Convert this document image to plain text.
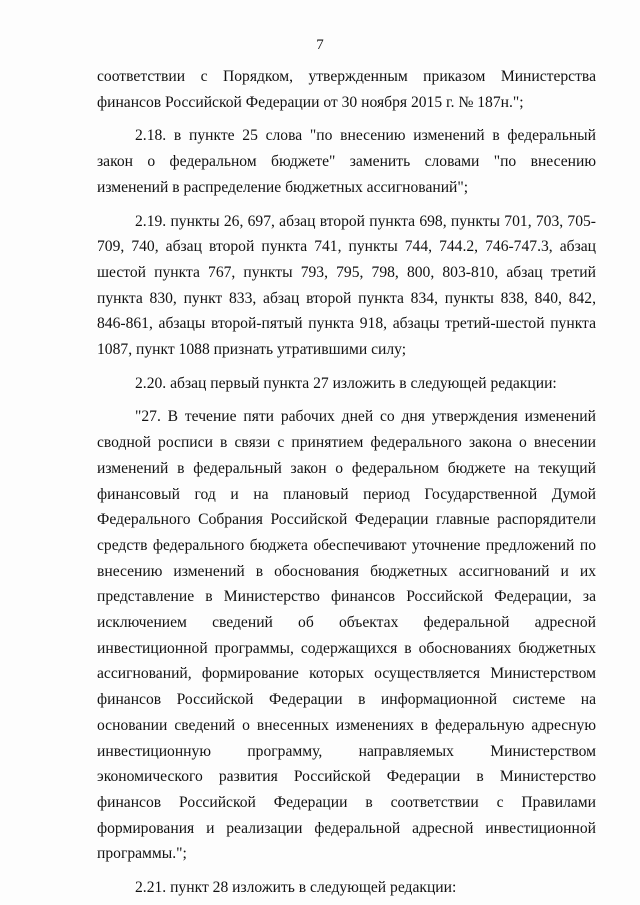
7

соответствии с Порядком, утвержденным приказом Министерства финансов Российской Федерации от 30 ноября 2015 г. № 187н.";

2.18. в пункте 25 слова "по внесению изменений в федеральный закон о федеральном бюджете" заменить словами "по внесению изменений в распределение бюджетных ассигнований";

2.19. пункты 26, 697, абзац второй пункта 698, пункты 701, 703, 705-709, 740, абзац второй пункта 741, пункты 744, 744.2, 746-747.3, абзац шестой пункта 767, пункты 793, 795, 798, 800, 803-810, абзац третий пункта 830, пункт 833, абзац второй пункта 834, пункты 838, 840, 842, 846-861, абзацы второй-пятый пункта 918, абзацы третий-шестой пункта 1087, пункт 1088 признать утратившими силу;

2.20. абзац первый пункта 27 изложить в следующей редакции:

"27. В течение пяти рабочих дней со дня утверждения изменений сводной росписи в связи с принятием федерального закона о внесении изменений в федеральный закон о федеральном бюджете на текущий финансовый год и на плановый период Государственной Думой Федерального Собрания Российской Федерации главные распорядители средств федерального бюджета обеспечивают уточнение предложений по внесению изменений в обоснования бюджетных ассигнований и их представление в Министерство финансов Российской Федерации, за исключением сведений об объектах федеральной адресной инвестиционной программы, содержащихся в обоснованиях бюджетных ассигнований, формирование которых осуществляется Министерством финансов Российской Федерации в информационной системе на основании сведений о внесенных изменениях в федеральную адресную инвестиционную программу, направляемых Министерством экономического развития Российской Федерации в Министерство финансов Российской Федерации в соответствии с Правилами формирования и реализации федеральной адресной инвестиционной программы.";

2.21. пункт 28 изложить в следующей редакции:
